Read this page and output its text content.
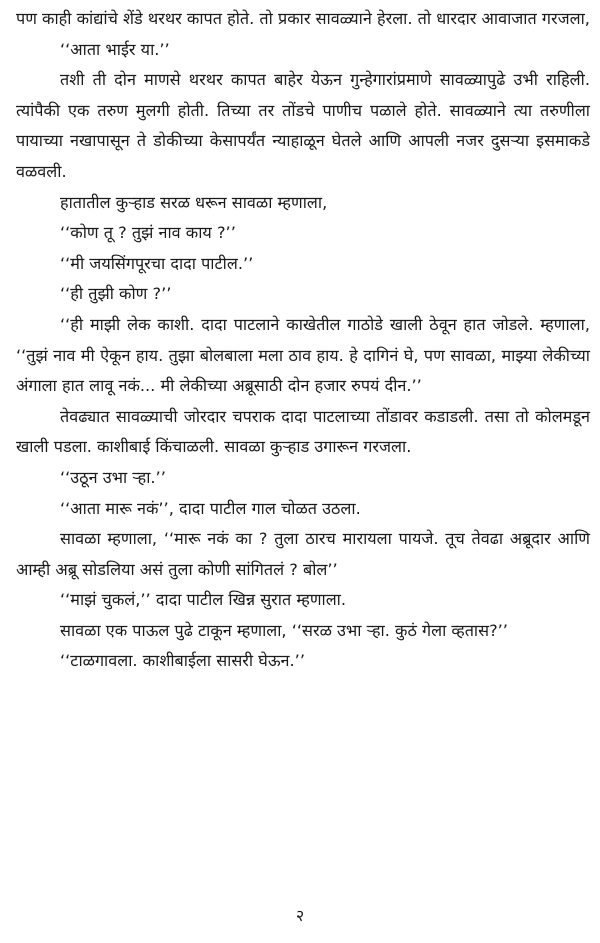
पण काही कांद्यांचे शेंडे थरथर कापत होते. तो प्रकार सावळ्याने हेरला. तो धारदार आवाजात गरजला,

‘‘आता भाईर या.’’

तशी ती दोन माणसे थरथर कापत बाहेर येऊन गुन्हेगारांप्रमाणे सावळ्यापुढे उभी राहिली. त्यांपैकी एक तरुण मुलगी होती. तिच्या तर तोंडचे पाणीच पळाले होते. सावळ्याने त्या तरुणीला पायाच्या नखापासून ते डोकीच्या केसापर्यंत न्याहाळून घेतले आणि आपली नजर दुसऱ्या इसमाकडे वळवली.

हातातील कुऱ्हाड सरळ धरून सावळा म्हणाला,

‘‘कोण तू ? तुझं नाव काय ?’’

‘‘मी जयसिंगपूरचा दादा पाटील.’’

‘‘ही तुझी कोण ?’’

‘‘ही माझी लेक काशी. दादा पाटलाने काखेतील गाठोडे खाली ठेवून हात जोडले. म्हणाला, ‘‘तुझं नाव मी ऐकून हाय. तुझा बोलबाला मला ठाव हाय. हे दागिनं घे, पण सावळा, माझ्या लेकीच्या अंगाला हात लावू नकं... मी लेकीच्या अब्रूसाठी दोन हजार रुपयं दीन.’’

तेवढ्यात सावळ्याची जोरदार चपराक दादा पाटलाच्या तोंडावर कडाडली. तसा तो कोलमडून खाली पडला. काशीबाई किंचाळली. सावळा कुऱ्हाड उगारून गरजला.

‘‘उठून उभा ऱ्हा.’’

‘‘आता मारू नकं’’, दादा पाटील गाल चोळत उठला.

सावळा म्हणाला, ‘‘मारू नकं का ? तुला ठारच मारायला पायजे. तूच तेवढा अब्रूदार आणि आम्ही अब्रू सोडलिया असं तुला कोणी सांगितलं ? बोल’’

‘‘माझं चुकलं,’’ दादा पाटील खिन्न सुरात म्हणाला.

सावळा एक पाऊल पुढे टाकून म्हणाला, ‘‘सरळ उभा ऱ्हा. कुठं गेला व्हतास?’’

‘‘टाळगावला. काशीबाईला सासरी घेऊन.’’

२
